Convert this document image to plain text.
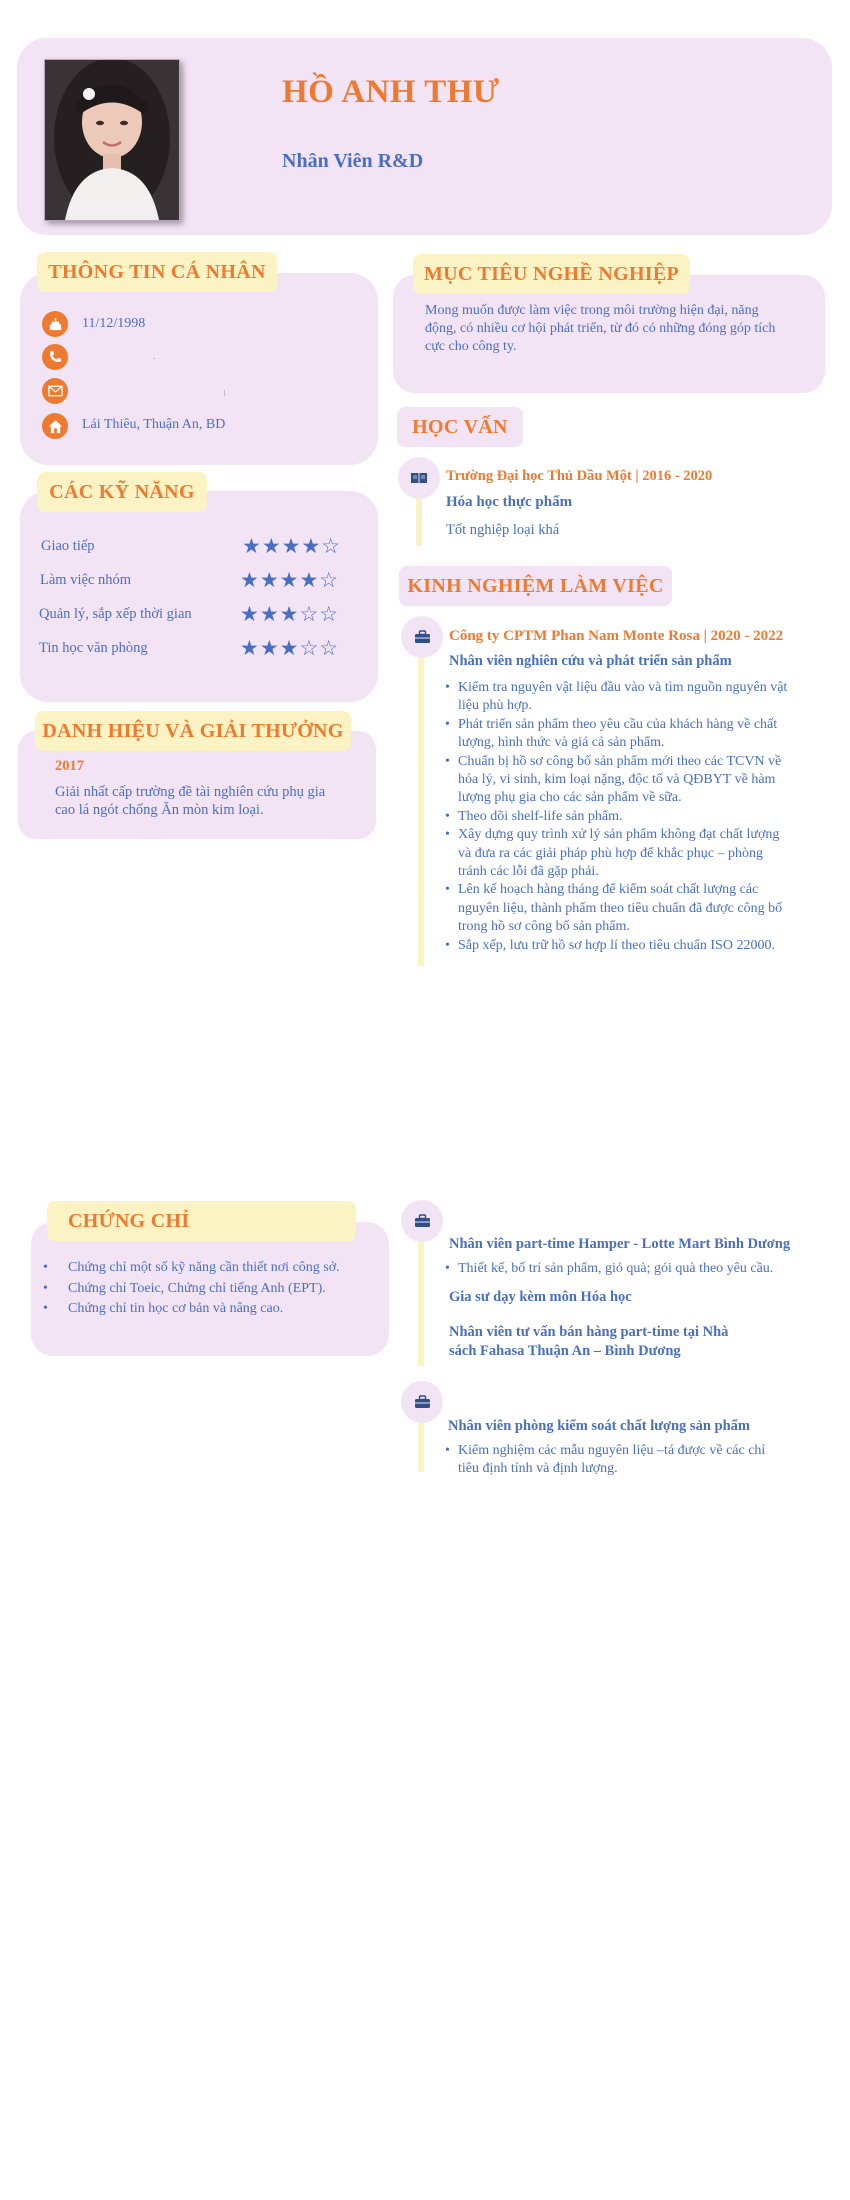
HỒ ANH THƯ
Nhân Viên R&D
THÔNG TIN CÁ NHÂN
11/12/1998
Lái Thiêu, Thuận An, BD
CÁC KỸ NĂNG
Giao tiếp	★★★★☆
Làm việc nhóm	★★★★☆
Quản lý, sắp xếp thời gian ★★★☆☆
Tin học văn phòng	★★★☆☆
DANH HIỆU VÀ GIẢI THƯỞNG
2017
Giải nhất cấp trường đề tài nghiên cứu phụ gia
cao lá ngót chống Ăn mòn kim loại.
MỤC TIÊU NGHỀ NGHIỆP
Mong muốn được làm việc trong môi trường hiện đại, năng
động, có nhiều cơ hội phát triển, từ đó có những đóng góp tích
cực cho công ty.
HỌC VẤN
Trường Đại học Thủ Dầu Một | 2016 - 2020
Hóa học thực phẩm
Tốt nghiệp loại khá
KINH NGHIỆM LÀM VIỆC
Công ty CPTM Phan Nam Monte Rosa | 2020 - 2022
Nhân viên nghiên cứu và phát triển sản phẩm
• Kiểm tra nguyên vật liệu đầu vào và tìm nguồn nguyên vật
liệu phù hợp.
• Phát triển sản phẩm theo yêu cầu của khách hàng về chất
lượng, hình thức và giá cả sản phẩm.
• Chuẩn bị hồ sơ công bố sản phẩm mới theo các TCVN về
hóa lý, vi sinh, kim loại nặng, độc tố và QĐBYT về hàm
lượng phụ gia cho các sản phẩm về sữa.
• Theo dõi shelf-life sản phẩm.
• Xây dựng quy trình xử lý sản phẩm không đạt chất lượng
và đưa ra các giải pháp phù hợp để khắc phục – phòng
tránh các lỗi đã gặp phải.
• Lên kế hoạch hàng tháng để kiểm soát chất lượng các
nguyên liệu, thành phẩm theo tiêu chuẩn đã được công bố
trong hồ sơ công bố sản phẩm.
• Sắp xếp, lưu trữ hồ sơ hợp lí theo tiêu chuẩn ISO 22000.
CHỨNG CHỈ
• Chứng chỉ một số kỹ năng cần thiết nơi công sở.
• Chứng chỉ Toeic, Chứng chỉ tiếng Anh (EPT).
• Chứng chỉ tin học cơ bản và nâng cao.
Nhân viên part-time Hamper - Lotte Mart Bình Dương
• Thiết kế, bố trí sản phẩm, giỏ quà; gói quà theo yêu cầu.
Gia sư dạy kèm môn Hóa học
Nhân viên tư vấn bán hàng part-time tại Nhà
sách Fahasa Thuận An – Bình Dương
Nhân viên phòng kiểm soát chất lượng sản phẩm
• Kiểm nghiệm các mẫu nguyên liệu –tá được về các chỉ
tiêu định tính và định lượng.
